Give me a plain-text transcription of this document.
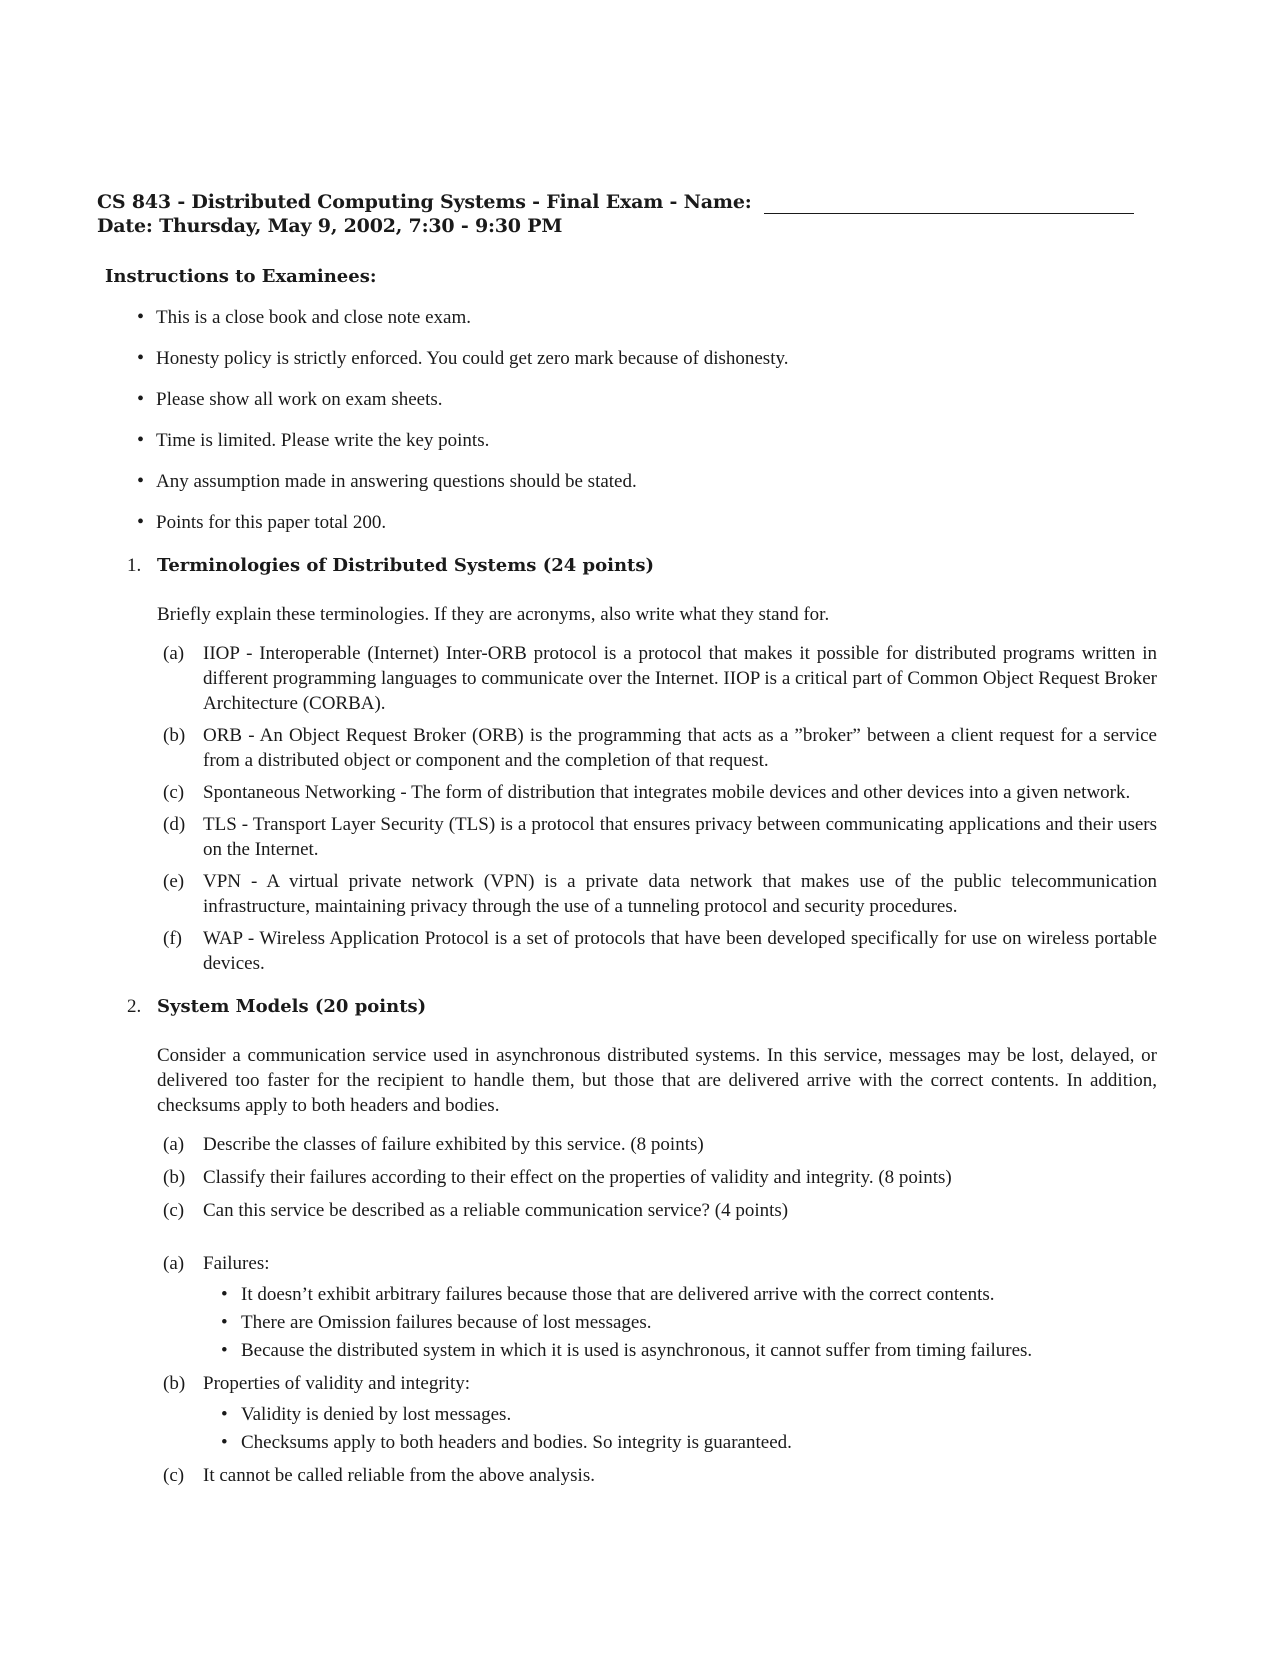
CS 843 - Distributed Computing Systems - Final Exam - Name:
Date: Thursday, May 9, 2002, 7:30 - 9:30 PM
Instructions to Examinees:
• This is a close book and close note exam.
• Honesty policy is strictly enforced. You could get zero mark because of dishonesty.
• Please show all work on exam sheets.
• Time is limited. Please write the key points.
• Any assumption made in answering questions should be stated.
• Points for this paper total 200.
1. Terminologies of Distributed Systems (24 points)
Briefly explain these terminologies. If they are acronyms, also write what they stand for.
(a) IIOP - Interoperable (Internet) Inter-ORB protocol is a protocol that makes it possible for distributed programs written in different programming languages to communicate over the Internet. IIOP is a critical part of Common Object Request Broker Architecture (CORBA).
(b) ORB - An Object Request Broker (ORB) is the programming that acts as a ”broker” between a client request for a service from a distributed object or component and the completion of that request.
(c) Spontaneous Networking - The form of distribution that integrates mobile devices and other devices into a given network.
(d) TLS - Transport Layer Security (TLS) is a protocol that ensures privacy between communicating applications and their users on the Internet.
(e) VPN - A virtual private network (VPN) is a private data network that makes use of the public telecommunication infrastructure, maintaining privacy through the use of a tunneling protocol and security procedures.
(f) WAP - Wireless Application Protocol is a set of protocols that have been developed specifically for use on wireless portable devices.
2. System Models (20 points)
Consider a communication service used in asynchronous distributed systems. In this service, messages may be lost, delayed, or delivered too faster for the recipient to handle them, but those that are delivered arrive with the correct contents. In addition, checksums apply to both headers and bodies.
(a) Describe the classes of failure exhibited by this service. (8 points)
(b) Classify their failures according to their effect on the properties of validity and integrity. (8 points)
(c) Can this service be described as a reliable communication service? (4 points)
(a) Failures:
• It doesn’t exhibit arbitrary failures because those that are delivered arrive with the correct contents.
• There are Omission failures because of lost messages.
• Because the distributed system in which it is used is asynchronous, it cannot suffer from timing failures.
(b) Properties of validity and integrity:
• Validity is denied by lost messages.
• Checksums apply to both headers and bodies. So integrity is guaranteed.
(c) It cannot be called reliable from the above analysis.
